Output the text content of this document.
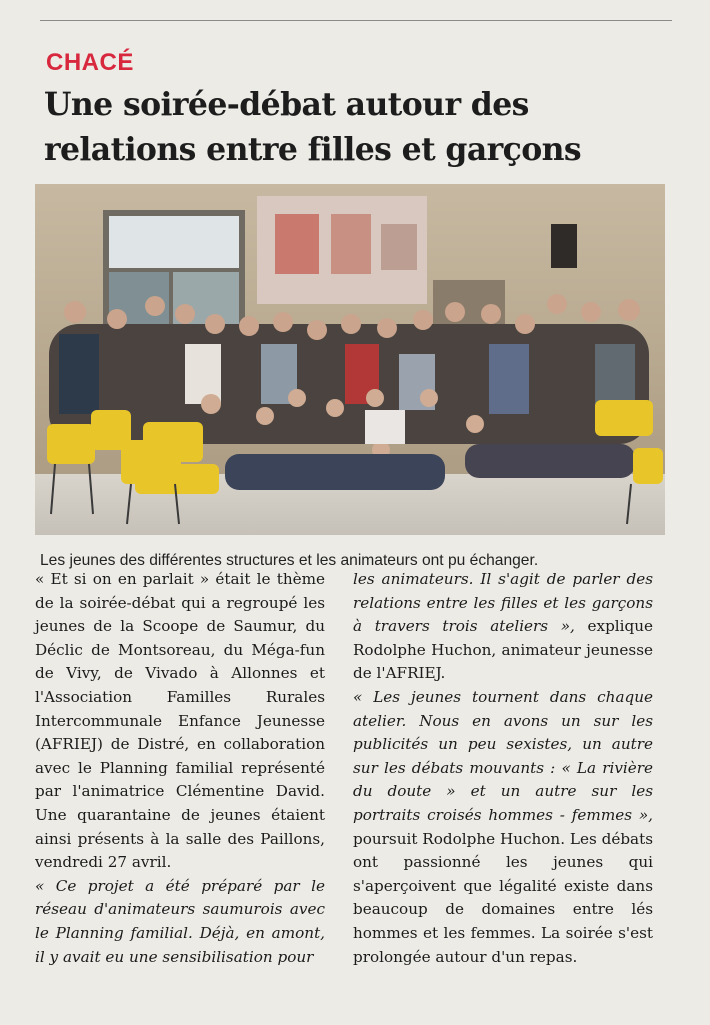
CHACÉ
Une soirée-débat autour des relations entre filles et garçons
Les jeunes des différentes structures et les animateurs ont pu échanger.

« Et si on en parlait » était le thème de la soirée-débat qui a regroupé les jeunes de la Scoope de Saumur, du Déclic de Montsoreau, du Méga-fun de Vivy, de Vivado à Allonnes et l'Association Familles Rurales Intercommunale Enfance Jeunesse (AFRIEJ) de Distré, en collaboration avec le Planning familial représenté par l'animatrice Clémentine David. Une quarantaine de jeunes étaient ainsi présents à la salle des Paillons, vendredi 27 avril.

« Ce projet a été préparé par le réseau d'animateurs saumurois avec le Planning familial. Déjà, en amont, il y avait eu une sensibilisation pour

les animateurs. Il s'agit de parler des relations entre les filles et les garçons à travers trois ateliers », explique Rodolphe Huchon, animateur jeunesse de l'AFRIEJ.

« Les jeunes tournent dans chaque atelier. Nous en avons un sur les publicités un peu sexistes, un autre sur les débats mouvants : « La rivière du doute » et un autre sur les portraits croisés hommes - femmes », poursuit Rodolphe Huchon. Les débats ont passionné les jeunes qui s'aperçoivent que légalité existe dans beaucoup de domaines entre lés hommes et les femmes. La soirée s'est prolongée autour d'un repas.
